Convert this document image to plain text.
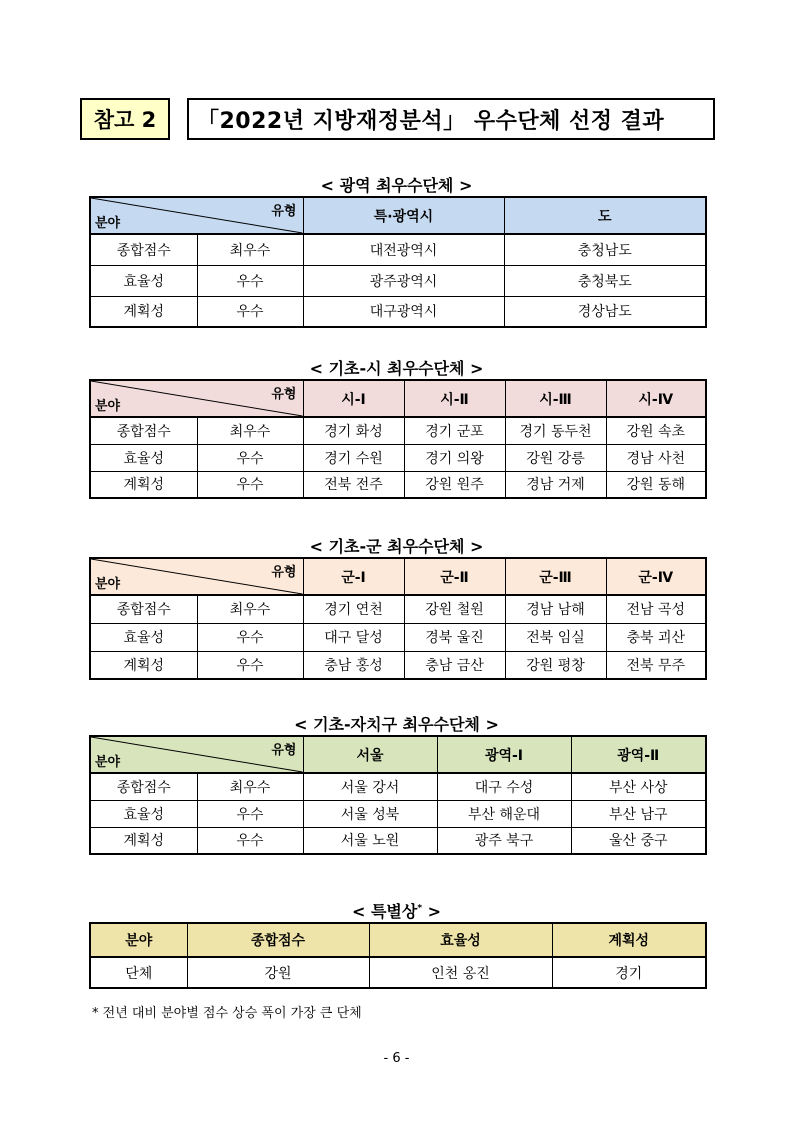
참고 2	「2022년 지방재정분석」 우수단체 선정 결과
< 광역 최우수단체 >
유형
분야		특·광역시	도
종합점수	최우수	대전광역시	충청남도
효율성	우수	광주광역시	충청북도
계획성	우수	대구광역시	경상남도
< 기초-시 최우수단체 >
유형
분야		시-Ⅰ	시-Ⅱ	시-Ⅲ	시-Ⅳ
종합점수	최우수	경기 화성	경기 군포	경기 동두천	강원 속초
효율성	우수	경기 수원	경기 의왕	강원 강릉	경남 사천
계획성	우수	전북 전주	강원 원주	경남 거제	강원 동해
< 기초-군 최우수단체 >
유형
분야		군-Ⅰ	군-Ⅱ	군-Ⅲ	군-Ⅳ
종합점수	최우수	경기 연천	강원 철원	경남 남해	전남 곡성
효율성	우수	대구 달성	경북 울진	전북 임실	충북 괴산
계획성	우수	충남 홍성	충남 금산	강원 평창	전북 무주
< 기초-자치구 최우수단체 >
유형
분야		서울	광역-Ⅰ	광역-Ⅱ
종합점수	최우수	서울 강서	대구 수성	부산 사상
효율성	우수	서울 성북	부산 해운대	부산 남구
계획성	우수	서울 노원	광주 북구	울산 중구
< 특별상* >
분야	종합점수	효율성	계획성
단체	강원	인천 옹진	경기
* 전년 대비 분야별 점수 상승 폭이 가장 큰 단체
- 6 -
